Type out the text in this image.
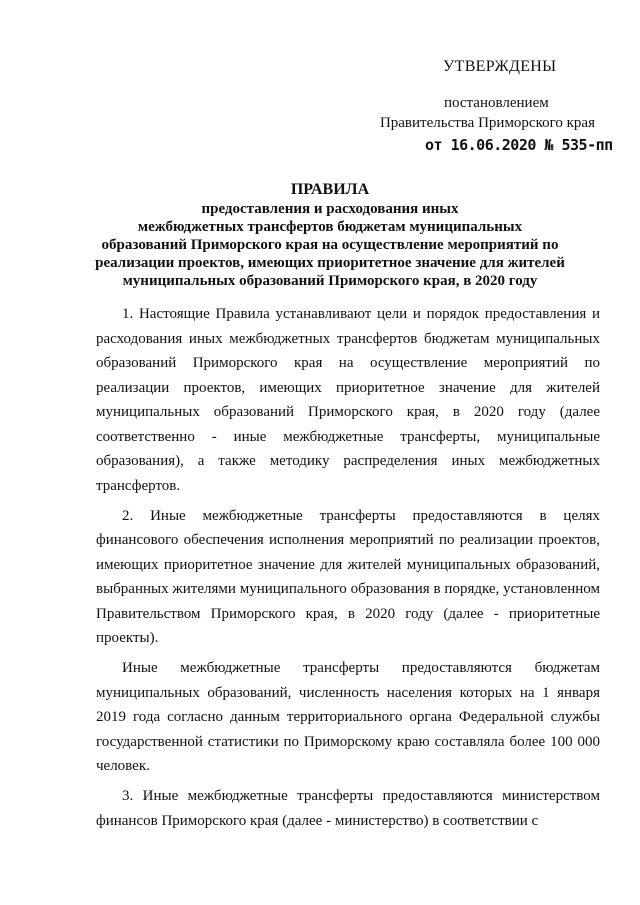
УТВЕРЖДЕНЫ
постановлением
Правительства Приморского края
от 16.06.2020 № 535-пп
ПРАВИЛА
предоставления и расходования иных
межбюджетных трансфертов бюджетам муниципальных
образований Приморского края на осуществление мероприятий по
реализации проектов, имеющих приоритетное значение для жителей
муниципальных образований Приморского края, в 2020 году

1. Настоящие Правила устанавливают цели и порядок предоставления и расходования иных межбюджетных трансфертов бюджетам муниципальных образований Приморского края на осуществление мероприятий по реализации проектов, имеющих приоритетное значение для жителей муниципальных образований Приморского края, в 2020 году (далее соответственно - иные межбюджетные трансферты, муниципальные образования), а также методику распределения иных межбюджетных трансфертов.

2. Иные межбюджетные трансферты предоставляются в целях финансового обеспечения исполнения мероприятий по реализации проектов, имеющих приоритетное значение для жителей муниципальных образований, выбранных жителями муниципального образования в порядке, установленном Правительством Приморского края, в 2020 году (далее - приоритетные проекты).

Иные межбюджетные трансферты предоставляются бюджетам муниципальных образований, численность населения которых на 1 января 2019 года согласно данным территориального органа Федеральной службы государственной статистики по Приморскому краю составляла более 100 000 человек.

3. Иные межбюджетные трансферты предоставляются министерством финансов Приморского края (далее - министерство) в соответствии с
